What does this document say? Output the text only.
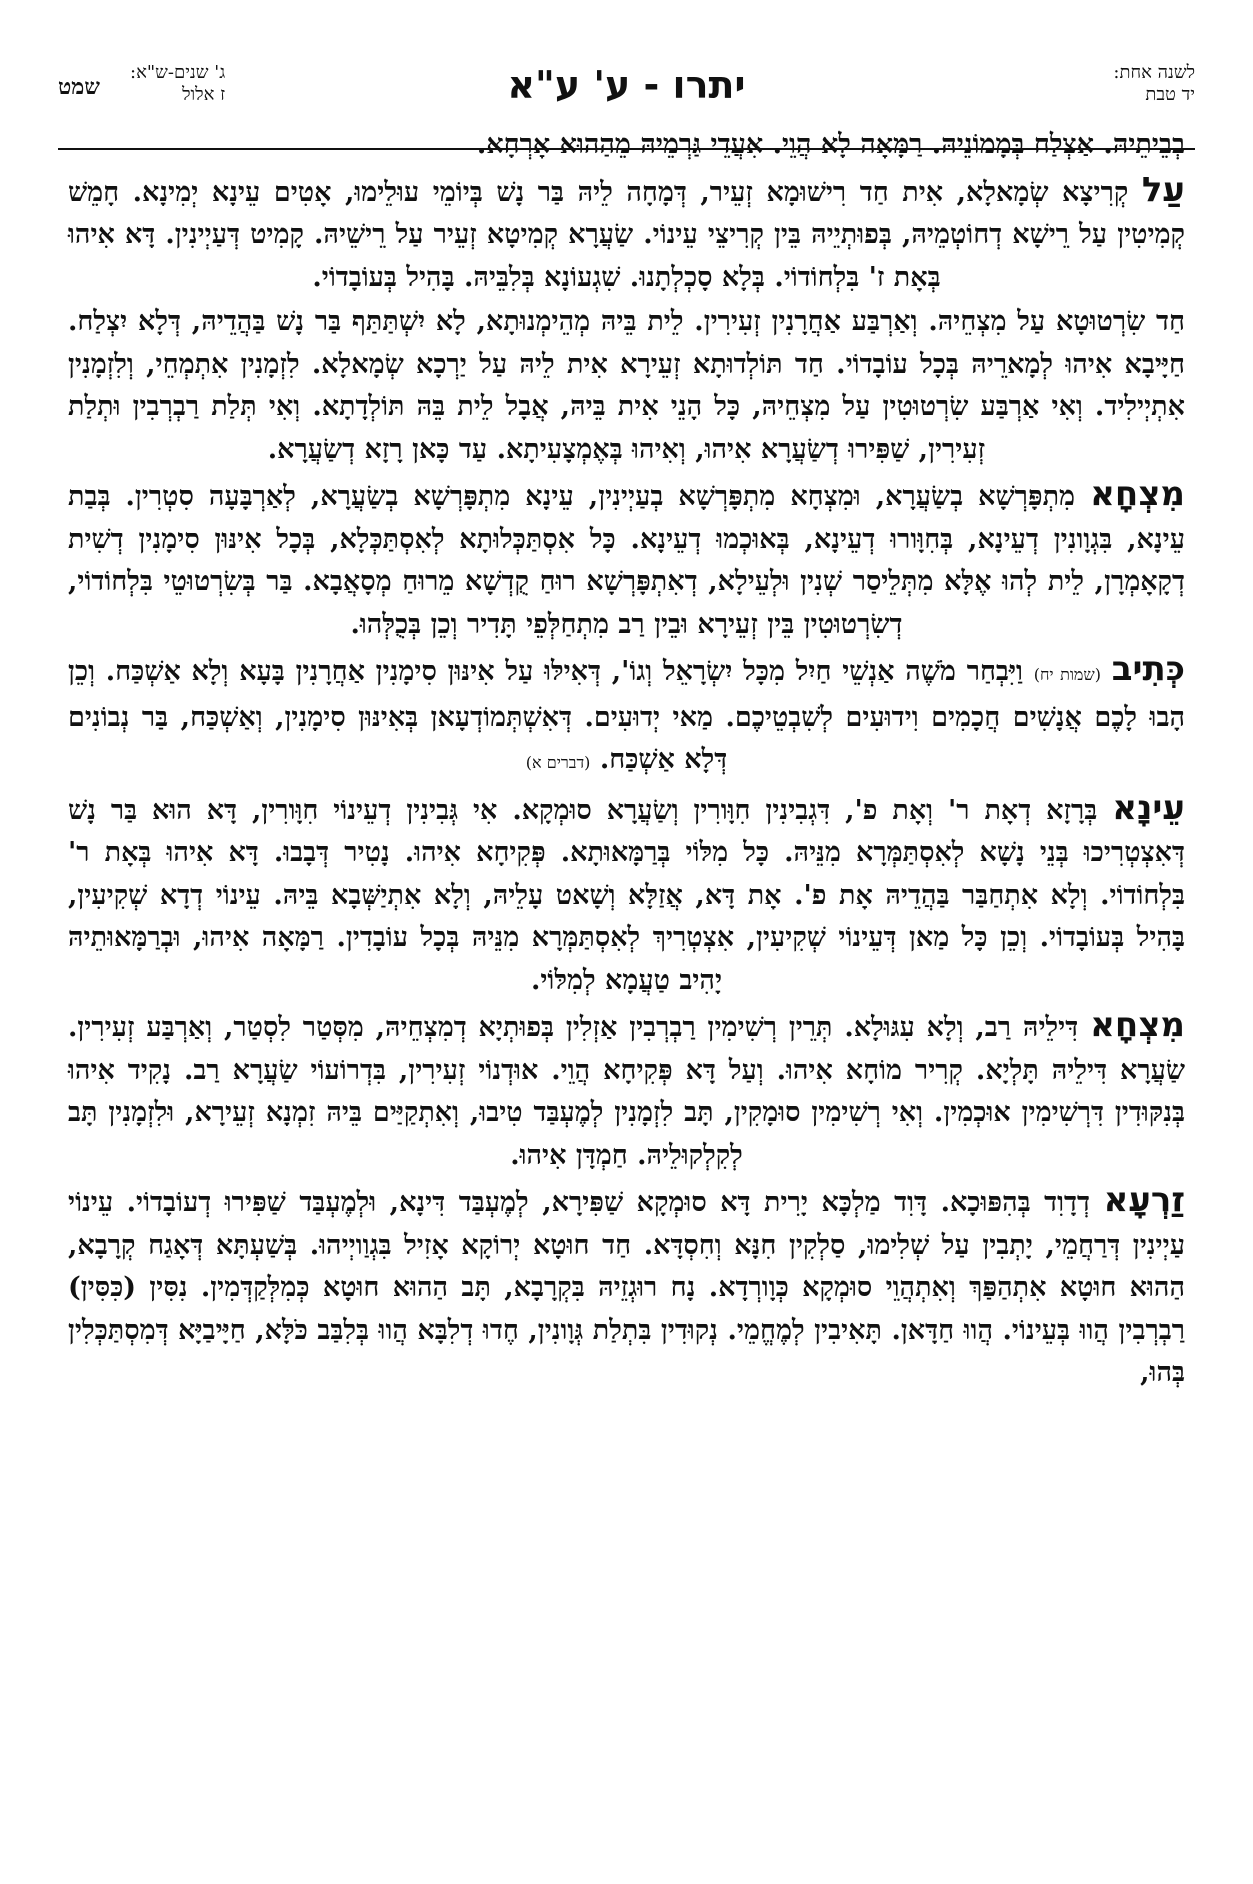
לשנה אחת:
יד טבת
יתרו - ע' ע"א
ג' שנים-ש"א:
ז אלול
שמט

בְבֵיתֵיהּ. אַצְלַח בְּמָמוֹנֵיהּ. רַמָּאָה לָא הֲוֵי. אִעֲדֵי גַּרְמֵיהּ מֵהַהוּא אָרְחָא.

עַל קְרִיצָא שְׂמָאלָא, אִית חַד רִישׁוּמָא זְעֵיר, דְּמָחָה לֵיהּ בַּר נָשׁ בְּיוֹמֵי עוּלֵימוּ, אָטִים עֵינָא יְמִינָא. חָמֵשׁ קְמִיטִין עַל רֵישָׁא דְחוֹטְמֵיהּ, בְּפוּתְיֵיהּ בֵּין קְרִיצֵי עֵינוֹי. שַׂעֲרָא קְמִיטָא זְעֵיר עַל רֵישֵׁיהּ. קָמִיט דְּעַיְינִין. דָּא אִיהוּ בְּאָת ז' בִּלְחוֹדוֹי. בְּלָא סָכְלְתָנוּ. שִׁגְעוֹנָא בְּלִבֵּיהּ. בָּהִיל בְּעוֹבָדוֹי.

חַד שִׂרְטוּטָא עַל מִצְחֵיהּ. וְאַרְבַּע אַחֲרָנִין זְעִירִין. לֵית בֵּיהּ מְהֵימְנוּתָא, לָא יִשְׁתַּתַּף בַּר נָשׁ בַּהֲדֵיהּ, דְּלָא יִצְלַח. חַיָּיבָא אִיהוּ לְמָארֵיהּ בְּכָל עוֹבָדוֹי. חַד תּוֹלְדוּתָא זְעֵירָא אִית לֵיהּ עַל יַרְכָא שְׂמָאלָא. לִזְמָנִין אִתְמְחֵי, וְלִזְמָנִין אִתְיְילִיד. וְאִי אַרְבַּע שִׂרְטוּטִין עַל מִצְחֵיהּ, כָּל הָנֵי אִית בֵּיהּ, אֲבָל לֵית בֵּהּ תּוֹלְדָתָא. וְאִי תְּלַת רַבְרְבִין וּתְלַת זְעִירִין, שַׁפִּירוּ דְשַׂעֲרָא אִיהוּ, וְאִיהוּ בְּאֶמְצָעִיתָא. עַד כָּאן רָזָא דְשַׂעֲרָא.

מִצְחָא מִתְפָּרְשָׁא בְשַׂעֲרָא, וּמִצְחָא מִתְפָּרְשָׁא בְעַיְינִין, עֵינָא מִתְפָּרְשָׁא בְשַׂעֲרָא, לְאַרְבָּעָה סִטְרִין. בְּבַת עֵינָא, בִּגְוָונִין דְעֵינָא, בְּחִוָּורוּ דְעֵינָא, בְּאוּכְמוּ דְעֵינָא. כָּל אִסְתַּכְּלוּתָא לְאִסְתַּכְּלָא, בְּכָל אִינּוּן סִימָנִין דְשִׁית דְקָאָמְרָן, לֵית לְהוּ אֶלָּא מִתְּלֵיסַר שְׁנִין וּלְעֵילָא, דְאִתְפָּרְשָׁא רוּחַ קֻדְשָׁא מֵרוּחַ מְסָאֲבָא. בַּר בְּשִׂרְטוּטֵי בִּלְחוֹדוֹי, דְשִׂרְטוּטִין בֵּין זְעֵירָא וּבֵין רַב מִתְחַלְּפֵי תָּדִיר וְכֵן בְּכֻלְּהוּ.

כְּתִיב (שמות יח) וַיִּבְחַר מֹשֶׁה אַנְשֵׁי חַיִל מִכָּל יִשְׂרָאֵל וְגוֹ', דְּאִילּוּ עַל אִינּוּן סִימָנִין אַחֲרָנִין בָּעָא וְלָא אַשְׁכַּח. וְכֵן הָבוּ לָכֶם אֲנָשִׁים חֲכָמִים וִידוּעִים לְשִׁבְטֵיכֶם. מַאי יְדוּעִים. דְּאִשְׁתְּמוֹדְעָאן בְּאִינּוּן סִימָנִין, וְאַשְׁכַּח, בַּר נְבוֹנִים דְּלָא אַשְׁכַּח. (דברים א)

עֵינָא בְּרָזָא דְאָת ר' וְאָת פ', דִּגְבִינִין חִוָּורִין וְשַׂעֲרָא סוּמְקָא. אִי גְּבִינִין דְעֵינוֹי חִוָּורִין, דָּא הוּא בַּר נָשׁ דְּאִצְטְרִיכוּ בְּנֵי נָשָׁא לְאִסְתַּמְּרָא מִנֵּיהּ. כָּל מִלּוֹי בְּרַמָּאוּתָא. פְּקִיחָא אִיהוּ. נָטִיר דְּבָבוּ. דָּא אִיהוּ בְּאָת ר' בִּלְחוֹדוֹי. וְלָא אִתְחַבַּר בַּהֲדֵיהּ אָת פ'. אָת דָּא, אֲזַלָּא וְשָׁאט עָלֵיהּ, וְלָא אִתְיַשְּׁבָא בֵּיהּ. עֵינוֹי דְדָא שְׁקִיעִין, בָּהִיל בְּעוֹבָדוֹי. וְכֵן כָּל מַאן דְּעֵינוֹי שְׁקִיעִין, אִצְטְרִיךְ לְאִסְתַּמְּרָא מִנֵּיהּ בְּכָל עוֹבָדִין. רַמָּאָה אִיהוּ, וּבְרַמָּאוּתֵיהּ יָהִיב טַעֲמָא לְמִלּוֹי.

מִצְחָא דִּילֵיהּ רַב, וְלָא עִגּוּלָא. תְּרֵין רְשִׁימִין רַבְרְבִין אַזְלִין בְּפוּתְיָא דְמִצְחֵיהּ, מִסְּטַר לִסְטַר, וְאַרְבַּע זְעִירִין. שַׂעֲרָא דִּילֵיהּ תָּלְיָא. קְרִיר מוֹחָא אִיהוּ. וְעַל דָּא פְּקִיחָא הֲוֵי. אוּדְנוֹי זְעִירִין, בִּדְרוֹעוֹי שַׂעֲרָא רַב. נָקִיד אִיהוּ בְּנִקּוּדִין דִּרְשִׁימִין אוּכְמִין. וְאִי רְשִׁימִין סוּמָקִין, תָּב לִזְמָנִין לְמֶעְבַּד טִיבוּ, וְאִתְקַיַּים בֵּיהּ זִמְנָא זְעֵירָא, וּלִזְמָנִין תָּב לְקִלְקוּלֵיהּ. חַמְדָּן אִיהוּ.

זַרְעָא דְדָוִד בְּהִפּוּכָא. דָּוִד מַלְכָּא יָרִית דָּא סוּמְקָא שַׁפִּירָא, לְמֶעְבַּד דִּינָא, וּלְמֶעְבַּד שַׁפִּירוּ דְעוֹבָדוֹי. עֵינוֹי עַיְינִין דְּרַחֲמֵי, יָתְבִין עַל שְׁלִימוּ, סַלְקִין חִנָּא וְחִסְדָּא. חַד חוּטָא יְרוֹקָא אָזִיל בִּגְוַויְיהוּ. בְּשַׁעְתָּא דְּאָגַח קְרָבָא, הַהוּא חוּטָא אִתְהַפַּךְ וְאִתְהֲוֵי סוּמְקָא כְּוָורְדָא. נָח רוּגְזֵיהּ בִּקְרָבָא, תָּב הַהוּא חוּטָא כְּמִלְּקַדְּמִין. נִסִּין (כִּסִּין) רַבְרְבִין הֲווּ בְּעֵינוֹי. הֲווּ חַדָּאן. תָּאִיבִין לְמֶחֱמֵי. נְקוּדִין בִּתְלַת גְּוָונִין, חֶדוּ דְלִבָּא הֲווּ בְּלִבַּב כֹּלָּא, חַיָּיבַיָּא דְּמִסְתַּכְּלִין בְּהוּ,
